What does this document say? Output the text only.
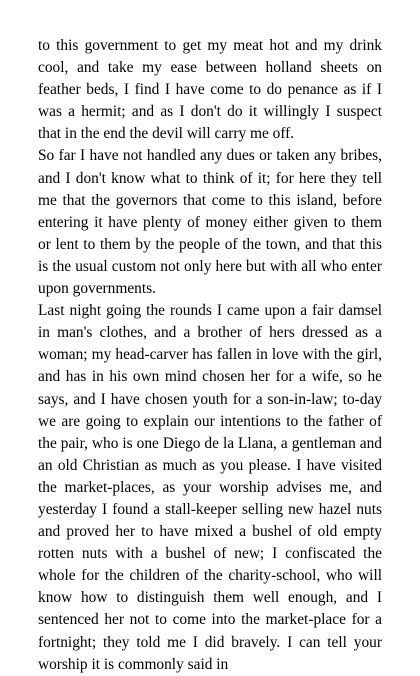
to this government to get my meat hot and my drink cool, and take my ease between holland sheets on feather beds, I find I have come to do penance as if I was a hermit; and as I don't do it willingly I suspect that in the end the devil will carry me off.

So far I have not handled any dues or taken any bribes, and I don't know what to think of it; for here they tell me that the governors that come to this island, before entering it have plenty of money either given to them or lent to them by the people of the town, and that this is the usual custom not only here but with all who enter upon governments.

Last night going the rounds I came upon a fair damsel in man's clothes, and a brother of hers dressed as a woman; my head-carver has fallen in love with the girl, and has in his own mind chosen her for a wife, so he says, and I have chosen youth for a son-in-law; to-day we are going to explain our intentions to the father of the pair, who is one Diego de la Llana, a gentleman and an old Christian as much as you please. I have visited the market-places, as your worship advises me, and yesterday I found a stall-keeper selling new hazel nuts and proved her to have mixed a bushel of old empty rotten nuts with a bushel of new; I confiscated the whole for the children of the charity-school, who will know how to distinguish them well enough, and I sentenced her not to come into the market-place for a fortnight; they told me I did bravely. I can tell your worship it is commonly said in
